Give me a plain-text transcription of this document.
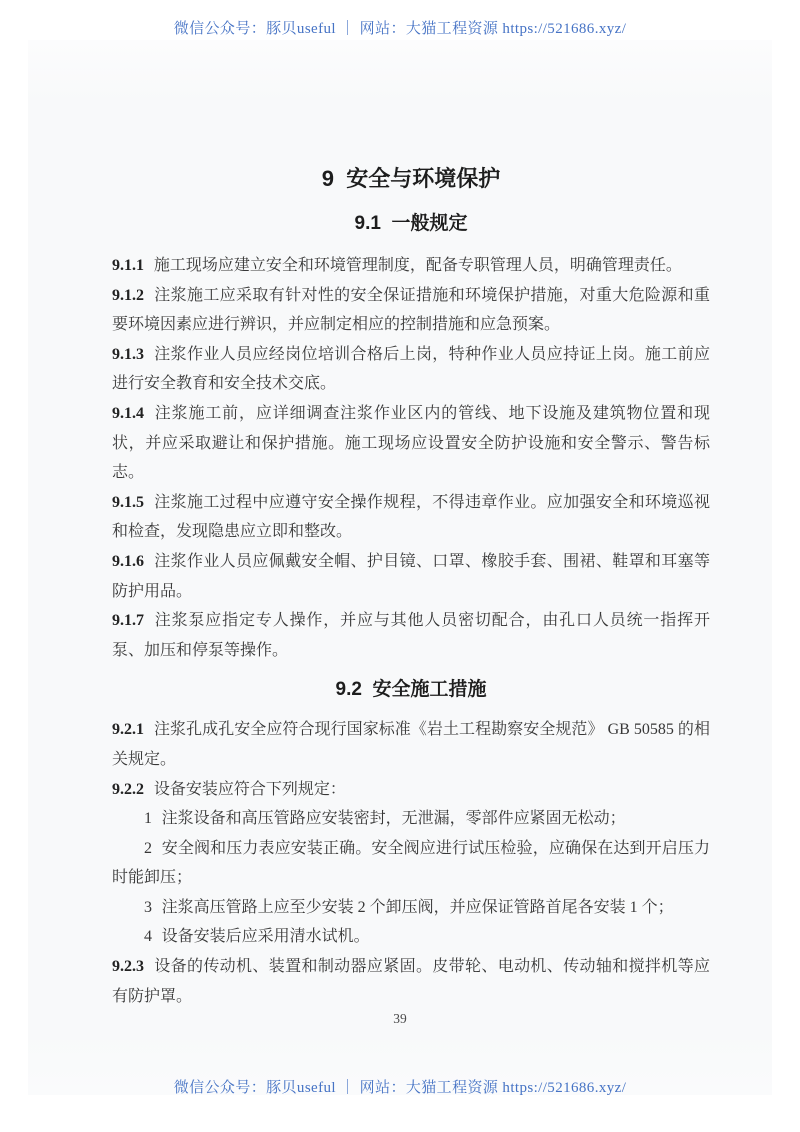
微信公众号：豚贝useful ｜ 网站：大猫工程资源 https://521686.xyz/
9  安全与环境保护
9.1  一般规定

9.1.1 施工现场应建立安全和环境管理制度，配备专职管理人员，明确管理责任。

9.1.2 注浆施工应采取有针对性的安全保证措施和环境保护措施，对重大危险源和重要环境因素应进行辨识，并应制定相应的控制措施和应急预案。

9.1.3 注浆作业人员应经岗位培训合格后上岗，特种作业人员应持证上岗。施工前应进行安全教育和安全技术交底。

9.1.4 注浆施工前，应详细调查注浆作业区内的管线、地下设施及建筑物位置和现状，并应采取避让和保护措施。施工现场应设置安全防护设施和安全警示、警告标志。

9.1.5 注浆施工过程中应遵守安全操作规程，不得违章作业。应加强安全和环境巡视和检查，发现隐患应立即和整改。

9.1.6 注浆作业人员应佩戴安全帽、护目镜、口罩、橡胶手套、围裙、鞋罩和耳塞等防护用品。

9.1.7 注浆泵应指定专人操作，并应与其他人员密切配合，由孔口人员统一指挥开泵、加压和停泵等操作。

9.2  安全施工措施

9.2.1 注浆孔成孔安全应符合现行国家标准《岩土工程勘察安全规范》 GB 50585 的相关规定。

9.2.2 设备安装应符合下列规定：

1 注浆设备和高压管路应安装密封，无泄漏，零部件应紧固无松动；

2 安全阀和压力表应安装正确。安全阀应进行试压检验，应确保在达到开启压力时能卸压；

3 注浆高压管路上应至少安装 2 个卸压阀，并应保证管路首尾各安装 1 个；

4 设备安装后应采用清水试机。

9.2.3 设备的传动机、装置和制动器应紧固。皮带轮、电动机、传动轴和搅拌机等应有防护罩。

39
微信公众号：豚贝useful ｜ 网站：大猫工程资源 https://521686.xyz/
